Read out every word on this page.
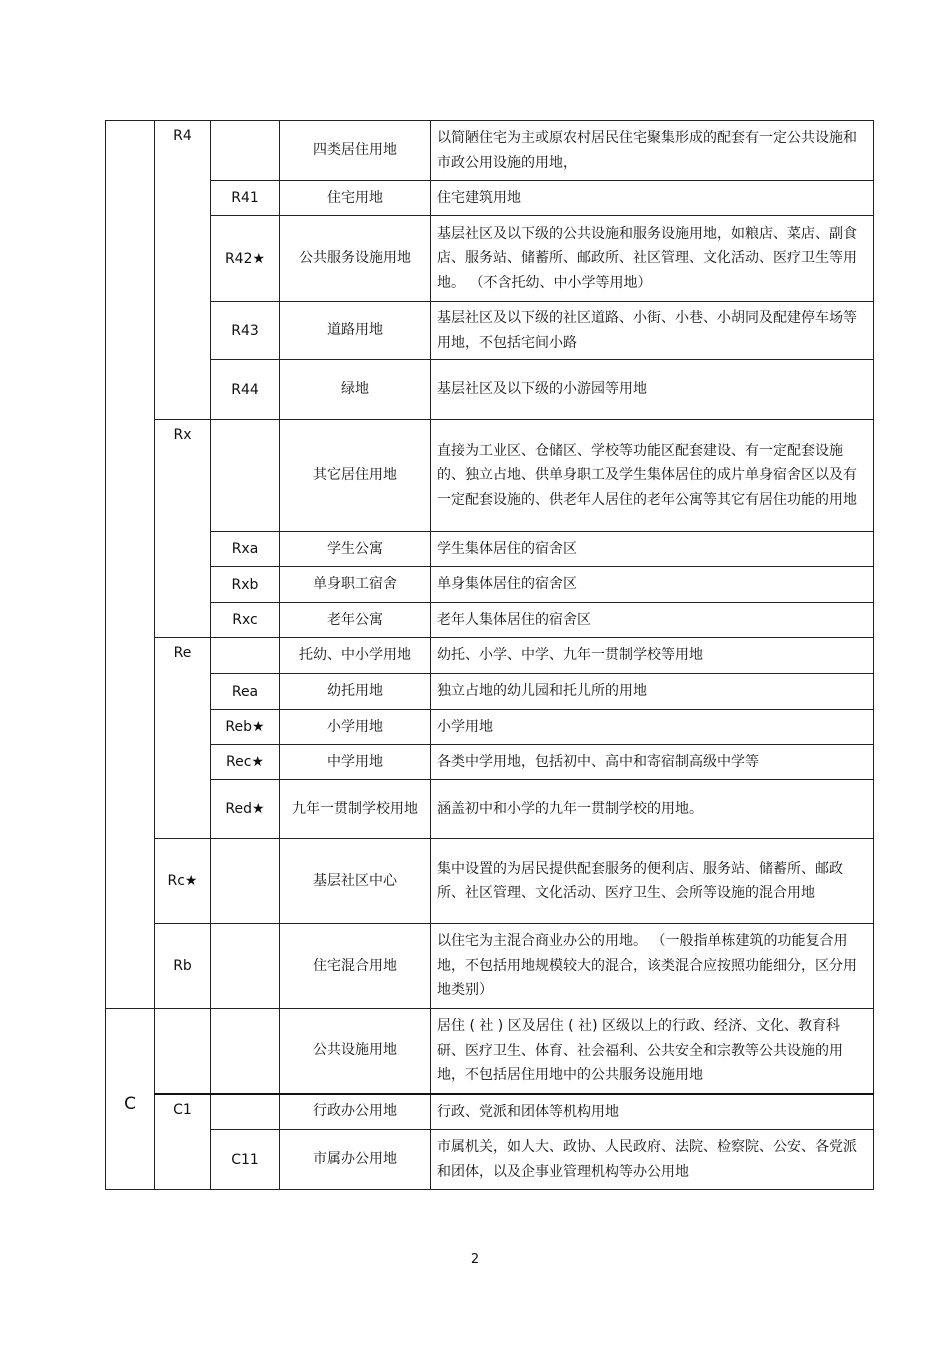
	R4		四类居住用地	以简陋住宅为主或原农村居民住宅聚集形成的配套有一定公共设施和市政公用设施的用地，
		R41	住宅用地	住宅建筑用地
		R42★	公共服务设施用地	基层社区及以下级的公共设施和服务设施用地，如粮店、菜店、副食店、服务站、储蓄所、邮政所、社区管理、文化活动、医疗卫生等用地。 （不含托幼、中小学等用地）
		R43	道路用地	基层社区及以下级的社区道路、小街、小巷、小胡同及配建停车场等用地，不包括宅间小路
		R44	绿地	基层社区及以下级的小游园等用地

	Rx		其它居住用地	直接为工业区、仓储区、学校等功能区配套建设、有一定配套设施的、独立占地、供单身职工及学生集体居住的成片单身宿舍区以及有一定配套设施的、供老年人居住的老年公寓等其它有居住功能的用地
		Rxa	学生公寓	学生集体居住的宿舍区
		Rxb	单身职工宿舍	单身集体居住的宿舍区
		Rxc	老年公寓	老年人集体居住的宿舍区

	Re		托幼、中小学用地	幼托、小学、中学、九年一贯制学校等用地
		Rea	幼托用地	独立占地的幼儿园和托儿所的用地
		Reb★	小学用地	小学用地
		Rec★	中学用地	各类中学用地，包括初中、高中和寄宿制高级中学等
		Red★	九年一贯制学校用地	涵盖初中和小学的九年一贯制学校的用地。
	Rc★		基层社区中心	集中设置的为居民提供配套服务的便利店、服务站、储蓄所、邮政所、社区管理、文化活动、医疗卫生、会所等设施的混合用地
	Rb		住宅混合用地	以住宅为主混合商业办公的用地。 （一般指单栋建筑的功能复合用地，不包括用地规模较大的混合，该类混合应按照功能细分，区分用地类别）

C			公共设施用地	居住 ( 社 ) 区及居住 ( 社) 区级以上的行政、经济、文化、教育科研、医疗卫生、体育、社会福利、公共安全和宗教等公共设施的用地，不包括居住用地中的公共服务设施用地

	C1		行政办公用地	行政、党派和团体等机构用地
		C11	市属办公用地	市属机关，如人大、政协、人民政府、法院、检察院、公安、各党派和团体，以及企事业管理机构等办公用地
2
